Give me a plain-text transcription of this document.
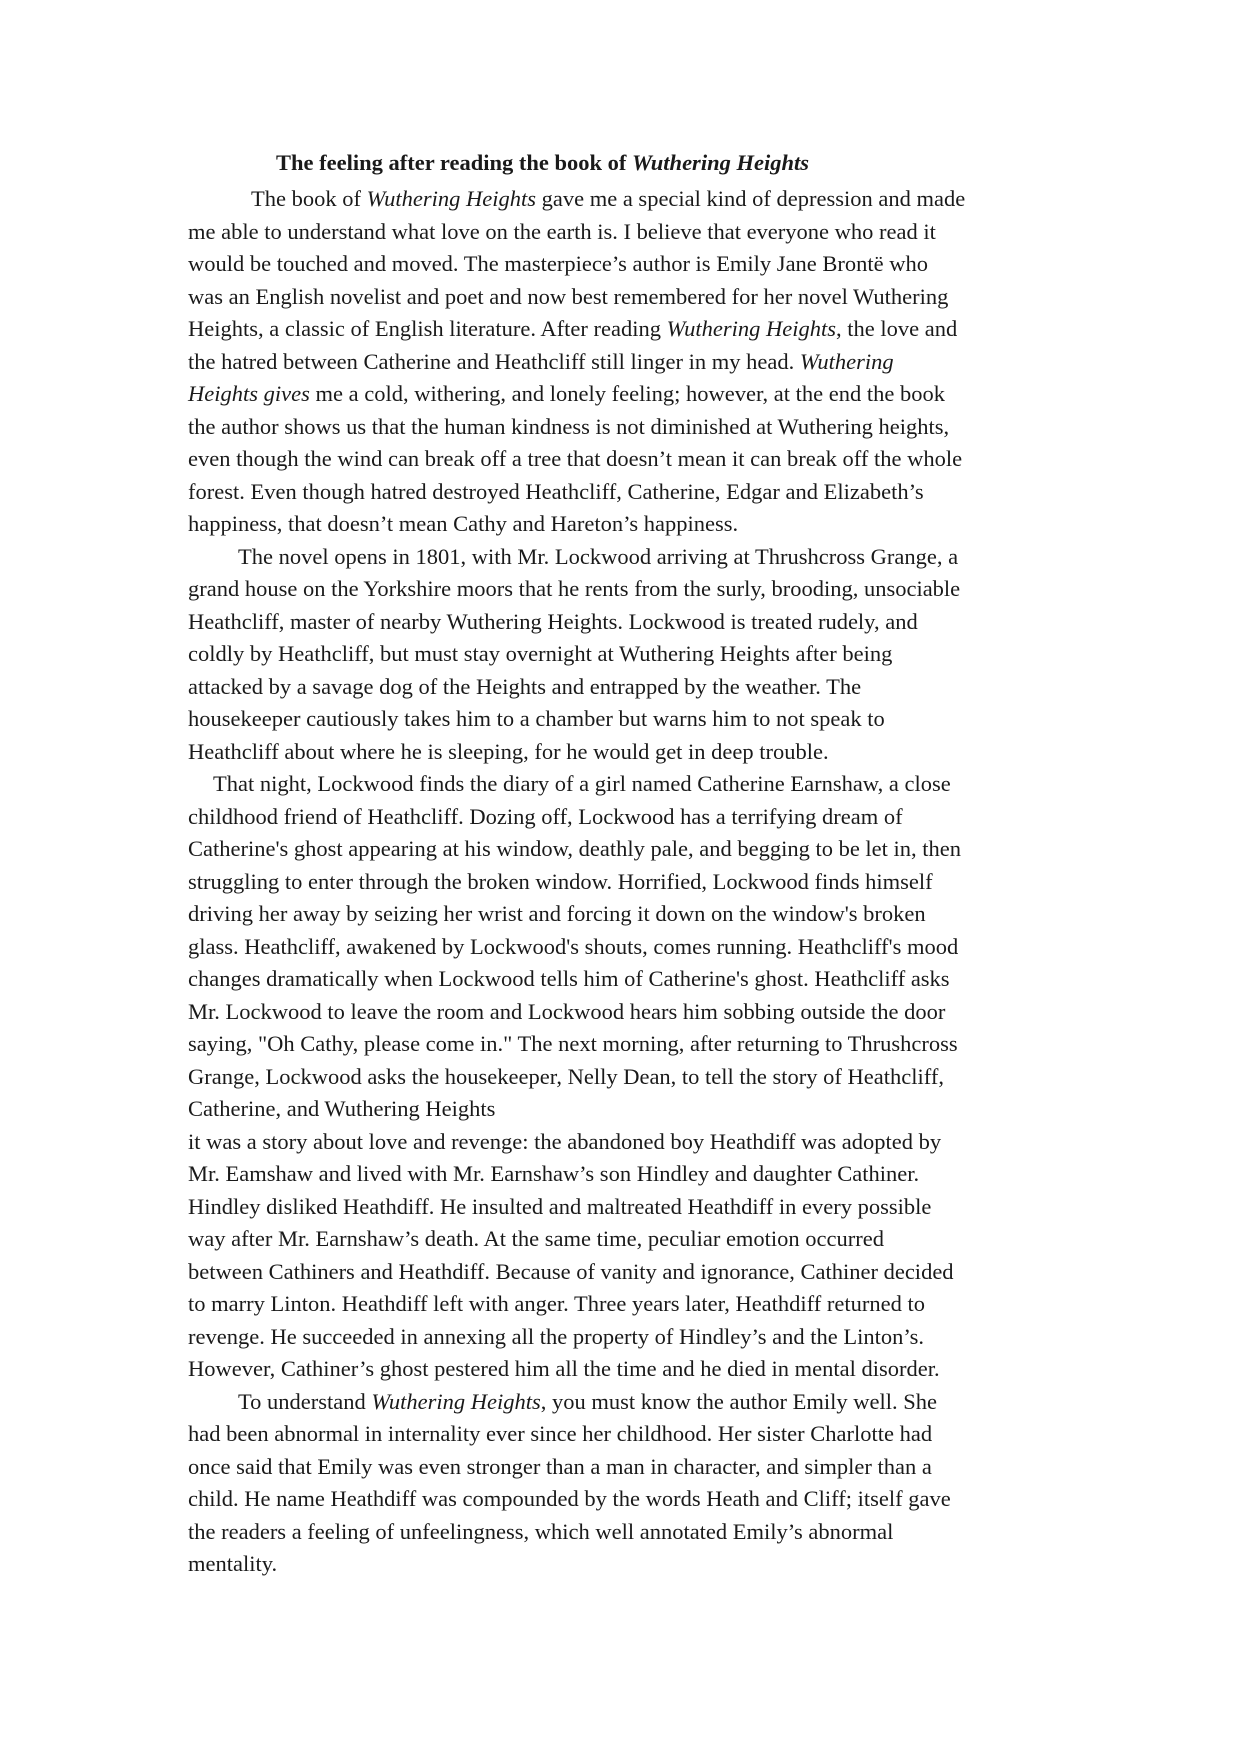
The feeling after reading the book of Wuthering Heights
The book of Wuthering Heights gave me a special kind of depression and made
me able to understand what love on the earth is. I believe that everyone who read it
would be touched and moved. The masterpiece’s author is Emily Jane Brontë who
was an English novelist and poet and now best remembered for her novel Wuthering
Heights, a classic of English literature. After reading Wuthering Heights, the love and
the hatred between Catherine and Heathcliff still linger in my head. Wuthering
Heights gives me a cold, withering, and lonely feeling; however, at the end the book
the author shows us that the human kindness is not diminished at Wuthering heights,
even though the wind can break off a tree that doesn’t mean it can break off the whole
forest. Even though hatred destroyed Heathcliff, Catherine, Edgar and Elizabeth’s
happiness, that doesn’t mean Cathy and Hareton’s happiness.
The novel opens in 1801, with Mr. Lockwood arriving at Thrushcross Grange, a
grand house on the Yorkshire moors that he rents from the surly, brooding, unsociable
Heathcliff, master of nearby Wuthering Heights. Lockwood is treated rudely, and
coldly by Heathcliff, but must stay overnight at Wuthering Heights after being
attacked by a savage dog of the Heights and entrapped by the weather. The
housekeeper cautiously takes him to a chamber but warns him to not speak to
Heathcliff about where he is sleeping, for he would get in deep trouble.
That night, Lockwood finds the diary of a girl named Catherine Earnshaw, a close
childhood friend of Heathcliff. Dozing off, Lockwood has a terrifying dream of
Catherine's ghost appearing at his window, deathly pale, and begging to be let in, then
struggling to enter through the broken window. Horrified, Lockwood finds himself
driving her away by seizing her wrist and forcing it down on the window's broken
glass. Heathcliff, awakened by Lockwood's shouts, comes running. Heathcliff's mood
changes dramatically when Lockwood tells him of Catherine's ghost. Heathcliff asks
Mr. Lockwood to leave the room and Lockwood hears him sobbing outside the door
saying, "Oh Cathy, please come in." The next morning, after returning to Thrushcross
Grange, Lockwood asks the housekeeper, Nelly Dean, to tell the story of Heathcliff,
Catherine, and Wuthering Heights
it was a story about love and revenge: the abandoned boy Heathdiff was adopted by
Mr. Eamshaw and lived with Mr. Earnshaw’s son Hindley and daughter Cathiner.
Hindley disliked Heathdiff. He insulted and maltreated Heathdiff in every possible
way after Mr. Earnshaw’s death. At the same time, peculiar emotion occurred
between Cathiners and Heathdiff. Because of vanity and ignorance, Cathiner decided
to marry Linton. Heathdiff left with anger. Three years later, Heathdiff returned to
revenge. He succeeded in annexing all the property of Hindley’s and the Linton’s.
However, Cathiner’s ghost pestered him all the time and he died in mental disorder.
To understand Wuthering Heights, you must know the author Emily well. She
had been abnormal in internality ever since her childhood. Her sister Charlotte had
once said that Emily was even stronger than a man in character, and simpler than a
child. He name Heathdiff was compounded by the words Heath and Cliff; itself gave
the readers a feeling of unfeelingness, which well annotated Emily’s abnormal
mentality.
